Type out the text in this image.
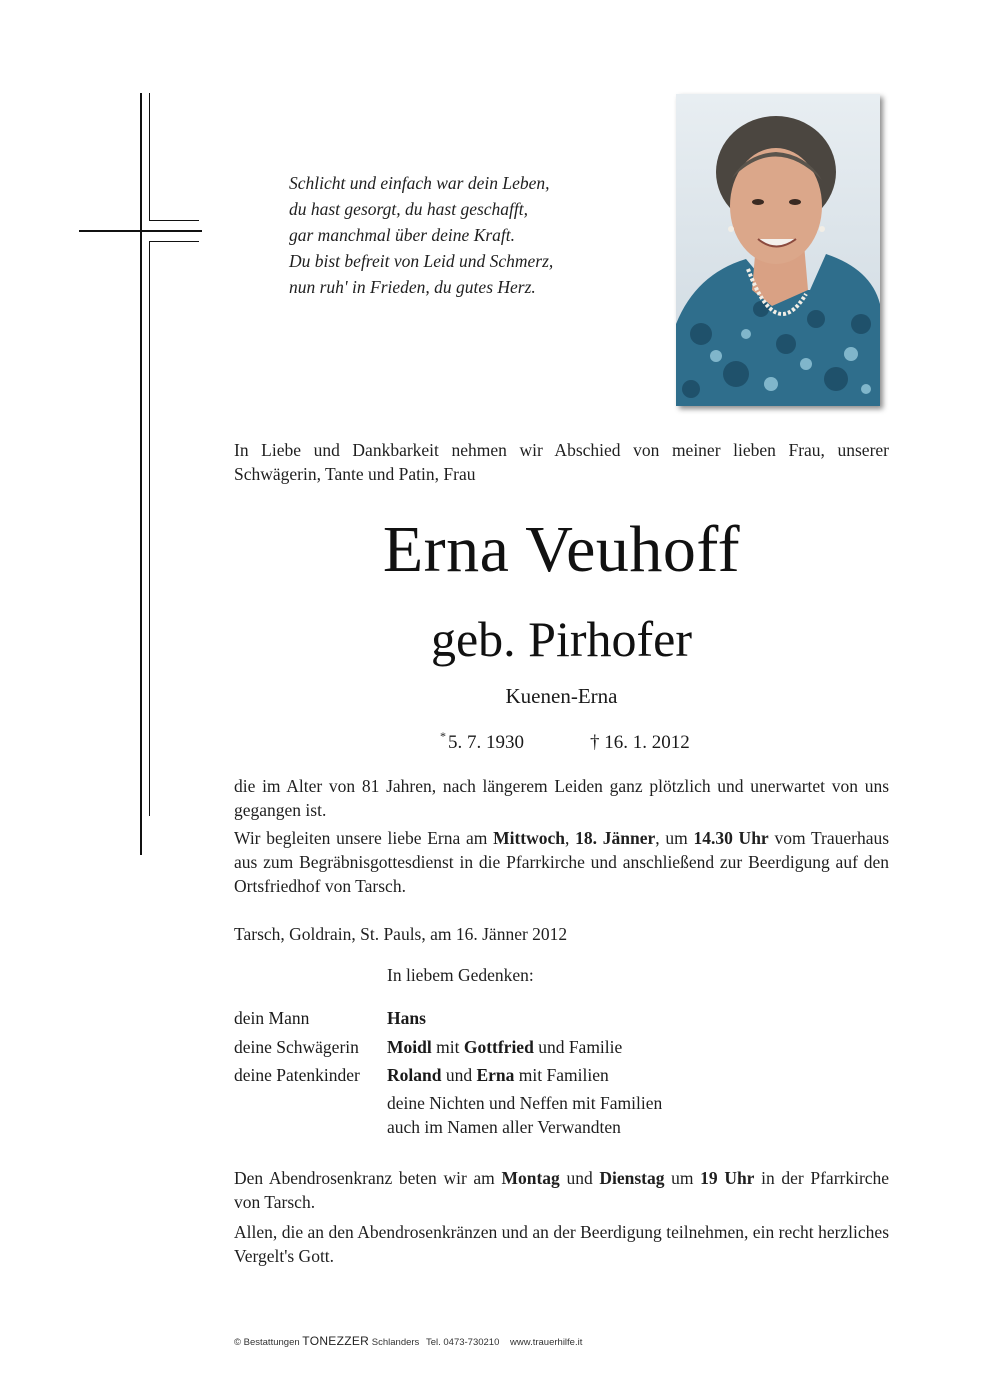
Schlicht und einfach war dein Leben,
du hast gesorgt, du hast geschafft,
gar manchmal über deine Kraft.
Du bist befreit von Leid und Schmerz,
nun ruh' in Frieden, du gutes Herz.
In Liebe und Dankbarkeit nehmen wir Abschied von meiner lieben Frau, unserer Schwägerin, Tante und Patin, Frau
Erna Veuhoff
geb. Pirhofer
Kuenen-Erna
* 5. 7. 1930	† 16. 1. 2012
die im Alter von 81 Jahren, nach längerem Leiden ganz plötzlich und unerwartet von uns gegangen ist.
Wir begleiten unsere liebe Erna am Mittwoch, 18. Jänner, um 14.30 Uhr vom Trauerhaus aus zum Begräbnisgottesdienst in die Pfarrkirche und anschließend zur Beerdigung auf den Ortsfriedhof von Tarsch.
Tarsch, Goldrain, St. Pauls, am 16. Jänner 2012
In liebem Gedenken:
dein Mann	Hans
deine Schwägerin Moidl mit Gottfried und Familie
deine Patenkinder Roland und Erna mit Familien
deine Nichten und Neffen mit Familien
auch im Namen aller Verwandten
Den Abendrosenkranz beten wir am Montag und Dienstag um 19 Uhr in der Pfarrkirche von Tarsch.
Allen, die an den Abendrosenkränzen und an der Beerdigung teilnehmen, ein recht herzliches Vergelt's Gott.
© Bestattungen TONEZZER Schlanders Tel. 0473-730210 www.trauerhilfe.it
